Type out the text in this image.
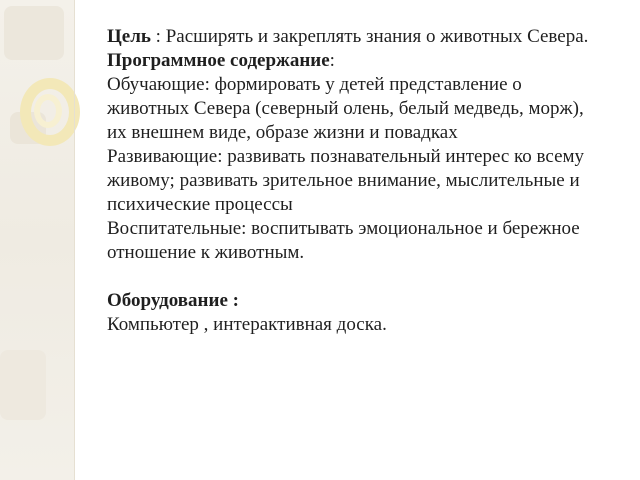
Цель : Расширять и закреплять знания о животных Севера.

Программное содержание:

Обучающие: формировать у детей представление о животных Севера (северный олень, белый медведь, морж), их внешнем виде, образе жизни и повадках

Развивающие: развивать познавательный интерес ко всему живому; развивать зрительное внимание, мыслительные и психические процессы

Воспитательные: воспитывать эмоциональное и бережное отношение к животным.

Оборудование :

Компьютер , интерактивная доска.
